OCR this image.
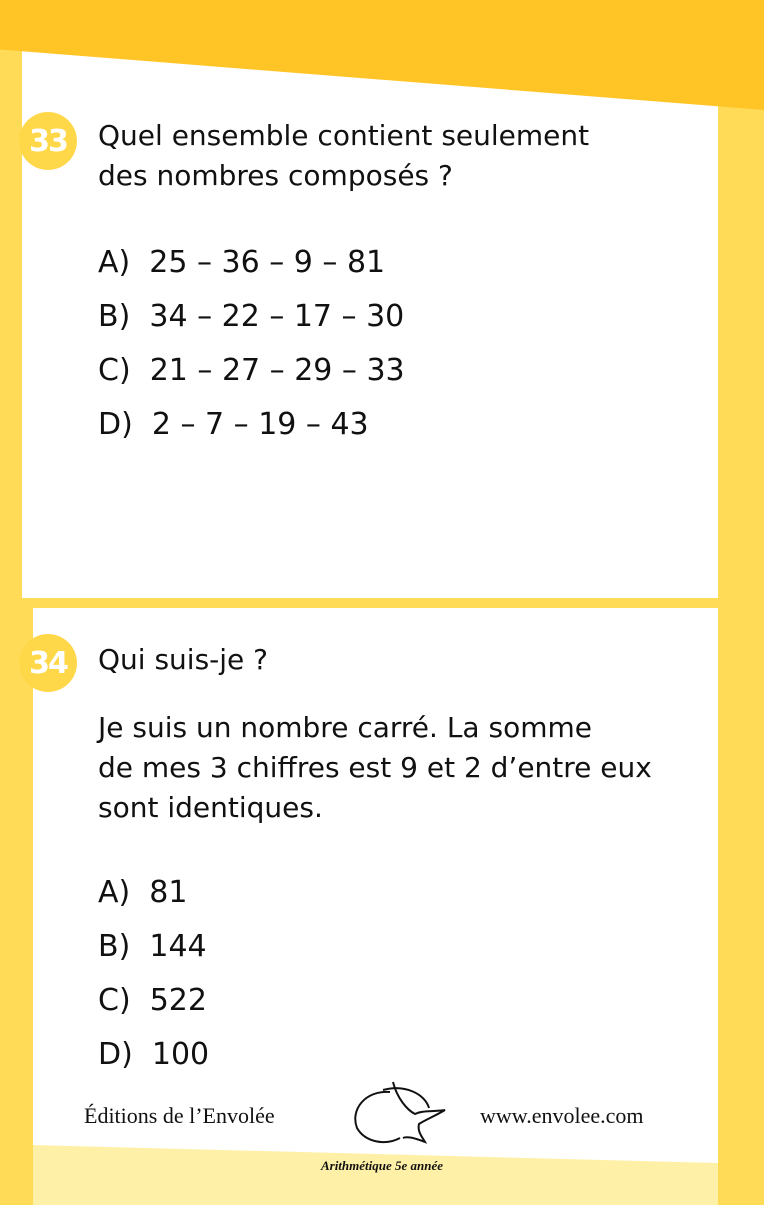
33	Quel ensemble contient seulement
des nombres composés ?
A)  25 – 36 – 9 – 81
B)  34 – 22 – 17 – 30
C)  21 – 27 – 29 – 33
D)  2 – 7 – 19 – 43
34	Qui suis-je ?
Je suis un nombre carré. La somme
de mes 3 chiffres est 9 et 2 d’entre eux
sont identiques.
A)  81
B)  144
C)  522
D)  100
Éditions de l’Envolée	www.envolee.com
Arithmétique 5e année
